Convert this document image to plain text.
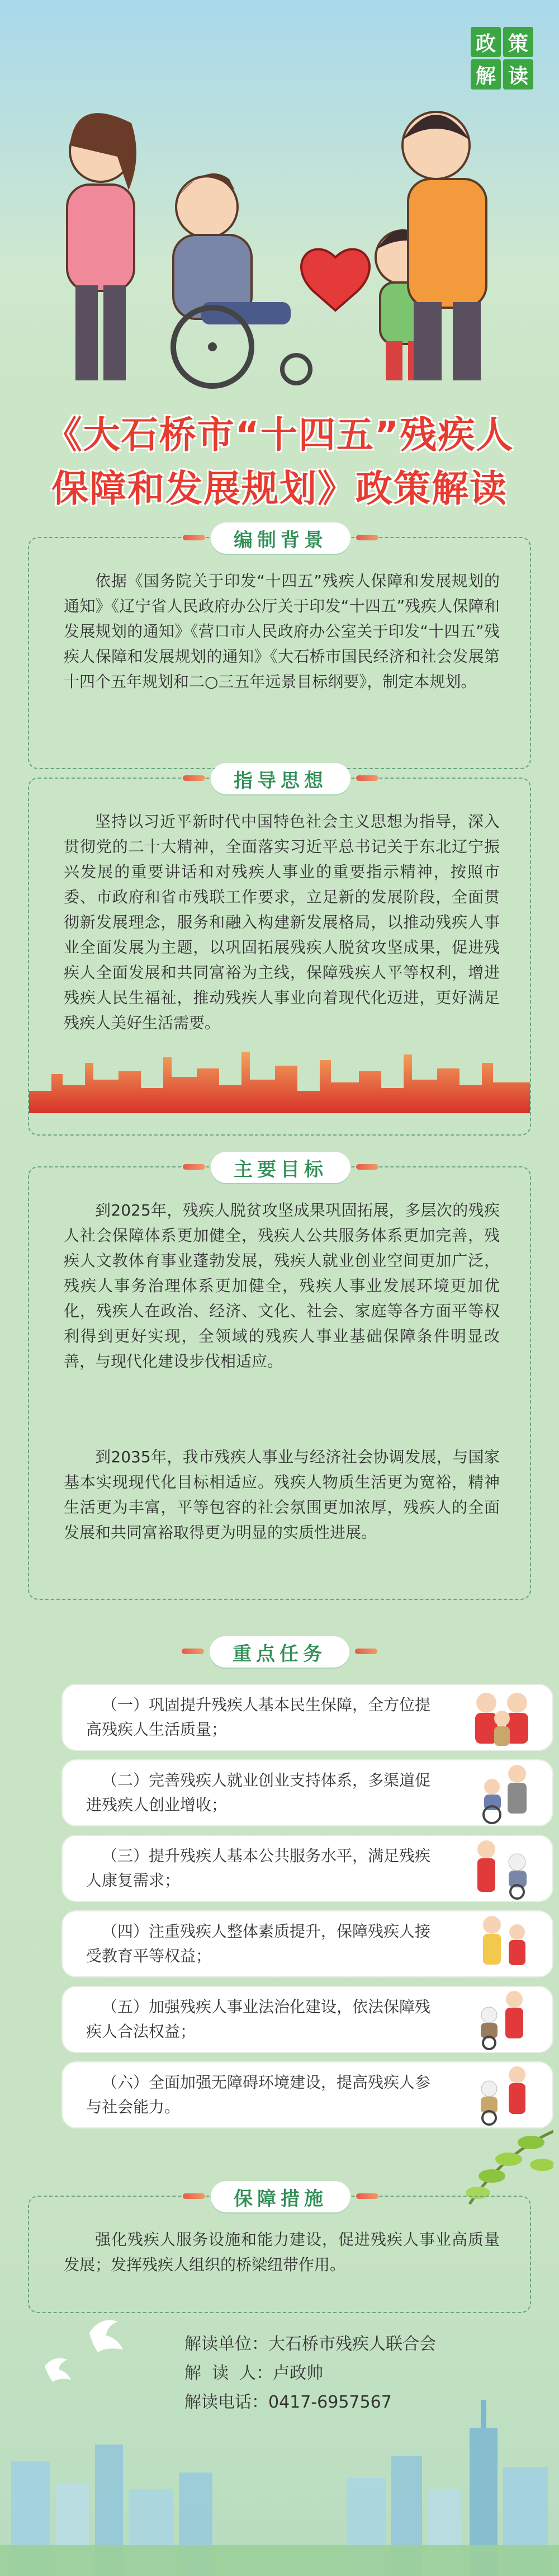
政 策
解 读
《大石桥市“十四五”残疾人
保障和发展规划》政策解读
编制背景
依据《国务院关于印发“十四五”残疾人保障和发展规划的通知》《辽宁省人民政府办公厅关于印发“十四五”残疾人保障和发展规划的通知》《营口市人民政府办公室关于印发“十四五”残疾人保障和发展规划的通知》《大石桥市国民经济和社会发展第十四个五年规划和二○三五年远景目标纲要》，制定本规划。
指导思想
坚持以习近平新时代中国特色社会主义思想为指导，深入贯彻党的二十大精神，全面落实习近平总书记关于东北辽宁振兴发展的重要讲话和对残疾人事业的重要指示精神，按照市委、市政府和省市残联工作要求，立足新的发展阶段，全面贯彻新发展理念，服务和融入构建新发展格局，以推动残疾人事业全面发展为主题，以巩固拓展残疾人脱贫攻坚成果，促进残疾人全面发展和共同富裕为主线，保障残疾人平等权利，增进残疾人民生福祉，推动残疾人事业向着现代化迈进，更好满足残疾人美好生活需要。
主要目标
到2025年，残疾人脱贫攻坚成果巩固拓展，多层次的残疾人社会保障体系更加健全，残疾人公共服务体系更加完善，残疾人文教体育事业蓬勃发展，残疾人就业创业空间更加广泛，残疾人事务治理体系更加健全，残疾人事业发展环境更加优化，残疾人在政治、经济、文化、社会、家庭等各方面平等权利得到更好实现，全领域的残疾人事业基础保障条件明显改善，与现代化建设步伐相适应。
到2035年，我市残疾人事业与经济社会协调发展，与国家基本实现现代化目标相适应。残疾人物质生活更为宽裕，精神生活更为丰富，平等包容的社会氛围更加浓厚，残疾人的全面发展和共同富裕取得更为明显的实质性进展。
重点任务
（一）巩固提升残疾人基本民生保障，全方位提高残疾人生活质量；
（二）完善残疾人就业创业支持体系，多渠道促进残疾人创业增收；
（三）提升残疾人基本公共服务水平，满足残疾人康复需求；
（四）注重残疾人整体素质提升，保障残疾人接受教育平等权益；
（五）加强残疾人事业法治化建设，依法保障残疾人合法权益；
（六）全面加强无障碍环境建设，提高残疾人参与社会能力。
保障措施
强化残疾人服务设施和能力建设，促进残疾人事业高质量发展；发挥残疾人组织的桥梁纽带作用。
解读单位：大石桥市残疾人联合会
解  读  人：卢政帅
解读电话：0417-6957567
